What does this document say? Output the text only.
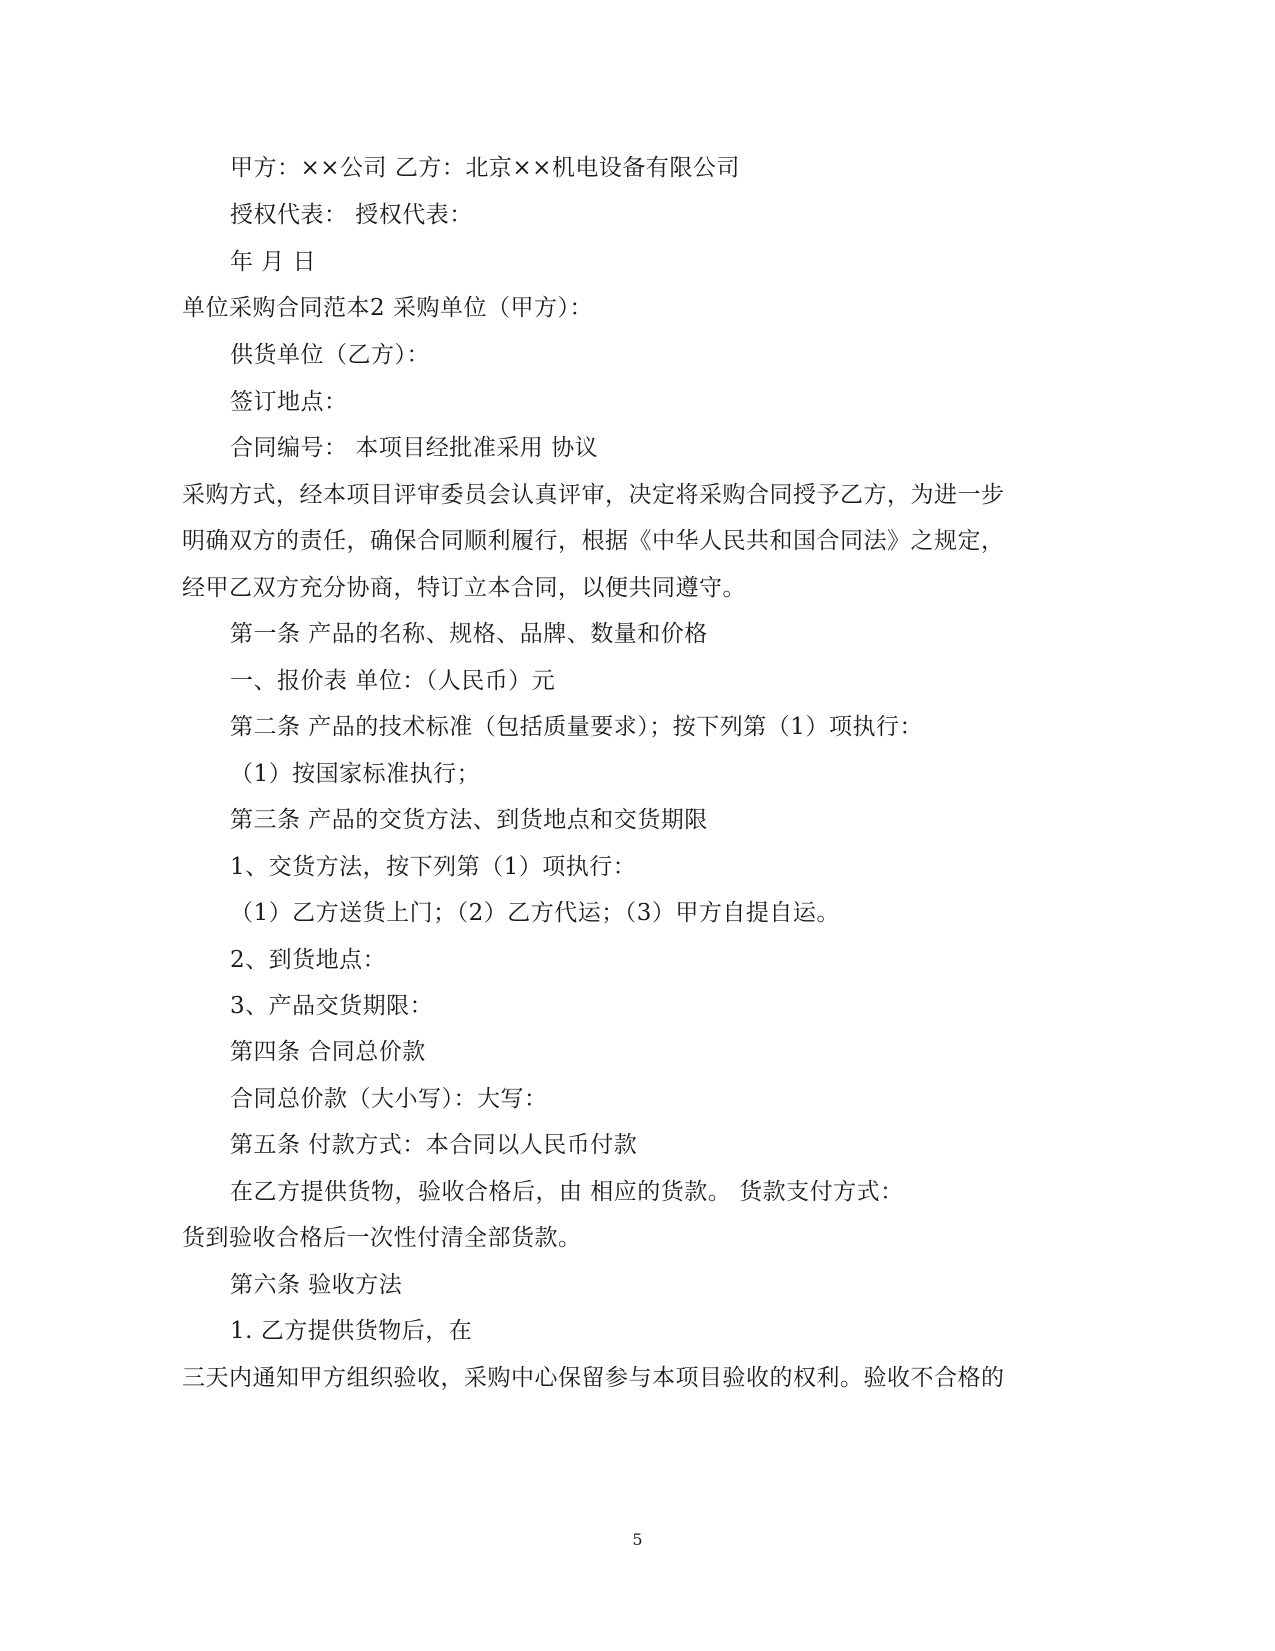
甲方：××公司 乙方：北京××机电设备有限公司
授权代表： 授权代表：
年 月 日
单位采购合同范本2 采购单位（甲方）：
供货单位（乙方）：
签订地点：
合同编号： 本项目经批准采用 协议
采购方式，经本项目评审委员会认真评审，决定将采购合同授予乙方，为进一步
明确双方的责任，确保合同顺利履行，根据《中华人民共和国合同法》之规定，
经甲乙双方充分协商，特订立本合同，以便共同遵守。
第一条 产品的名称、规格、品牌、数量和价格
一、报价表 单位：（人民币）元
第二条 产品的技术标准（包括质量要求）；按下列第（1）项执行：
（1）按国家标准执行；
第三条 产品的交货方法、到货地点和交货期限
1、交货方法，按下列第（1）项执行：
（1）乙方送货上门；（2）乙方代运；（3）甲方自提自运。
2、到货地点：
3、产品交货期限：
第四条 合同总价款
合同总价款（大小写）：大写：
第五条 付款方式：本合同以人民币付款
在乙方提供货物，验收合格后，由 相应的货款。 货款支付方式：
货到验收合格后一次性付清全部货款。
第六条 验收方法
1. 乙方提供货物后，在
三天内通知甲方组织验收，采购中心保留参与本项目验收的权利。验收不合格的
5
